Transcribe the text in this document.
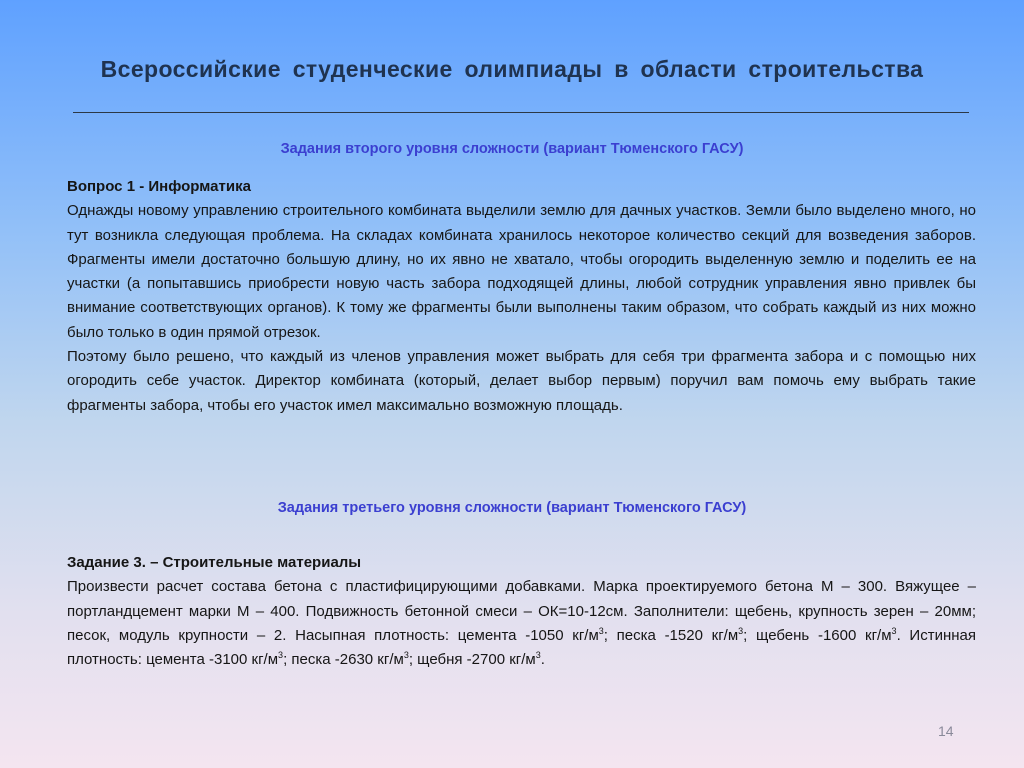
Всероссийские студенческие олимпиады в области строительства
Задания второго уровня сложности (вариант Тюменского ГАСУ)

Вопрос 1 - Информатика

Однажды новому управлению строительного комбината выделили землю для дачных участков. Земли было выделено много, но тут возникла следующая проблема. На складах комбината хранилось некоторое количество секций для возведения заборов. Фрагменты имели достаточно большую длину, но их явно не хватало, чтобы огородить выделенную землю и поделить ее на участки (а попытавшись приобрести новую часть забора подходящей длины, любой сотрудник управления явно привлек бы внимание соответствующих органов). К тому же фрагменты были выполнены таким образом, что собрать каждый из них можно было только в один прямой отрезок.

Поэтому было решено, что каждый из членов управления может выбрать для себя три фрагмента забора и с помощью них огородить себе участок. Директор комбината (который, делает выбор первым) поручил вам помочь ему выбрать такие фрагменты забора, чтобы его участок имел максимально возможную площадь.

Задания третьего уровня сложности (вариант Тюменского ГАСУ)

Задание 3. – Строительные материалы

Произвести расчет состава бетона с пластифицирующими добавками. Марка проектируемого бетона М – 300. Вяжущее – портландцемент марки М – 400. Подвижность бетонной смеси – ОК=10-12см. Заполнители: щебень, крупность зерен – 20мм; песок, модуль крупности – 2. Насыпная плотность: цемента -1050 $кг/м^3$; песка -1520 $кг/м^3$; щебень -1600 $кг/м^3$. Истинная плотность: цемента -3100 $кг/м^3$; песка -2630 $кг/м^3$; щебня -2700 $кг/м^3$.

14
